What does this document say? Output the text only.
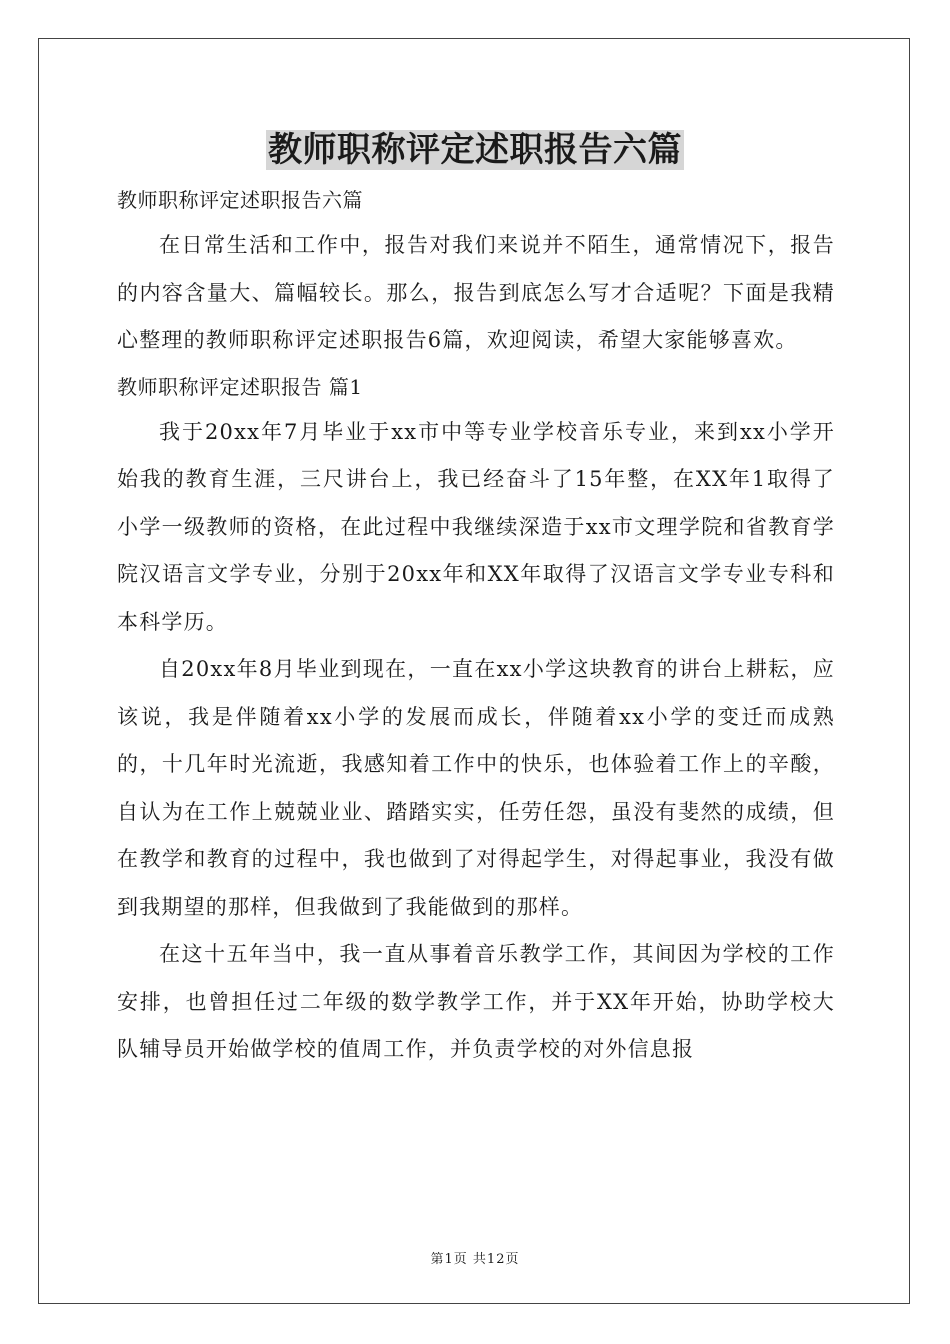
教师职称评定述职报告六篇

教师职称评定述职报告六篇

在日常生活和工作中，报告对我们来说并不陌生，通常情况下，报告的内容含量大、篇幅较长。那么，报告到底怎么写才合适呢？下面是我精心整理的教师职称评定述职报告6篇，欢迎阅读，希望大家能够喜欢。

教师职称评定述职报告 篇1

我于20xx年7月毕业于xx市中等专业学校音乐专业，来到xx小学开始我的教育生涯，三尺讲台上，我已经奋斗了15年整，在XX年1取得了小学一级教师的资格，在此过程中我继续深造于xx市文理学院和省教育学院汉语言文学专业，分别于20xx年和XX年取得了汉语言文学专业专科和本科学历。

自20xx年8月毕业到现在，一直在xx小学这块教育的讲台上耕耘，应该说，我是伴随着xx小学的发展而成长，伴随着xx小学的变迁而成熟的，十几年时光流逝，我感知着工作中的快乐，也体验着工作上的辛酸，自认为在工作上兢兢业业、踏踏实实，任劳任怨，虽没有斐然的成绩，但在教学和教育的过程中，我也做到了对得起学生，对得起事业，我没有做到我期望的那样，但我做到了我能做到的那样。

在这十五年当中，我一直从事着音乐教学工作，其间因为学校的工作安排，也曾担任过二年级的数学教学工作，并于XX年开始，协助学校大队辅导员开始做学校的值周工作，并负责学校的对外信息报

第1页 共12页
